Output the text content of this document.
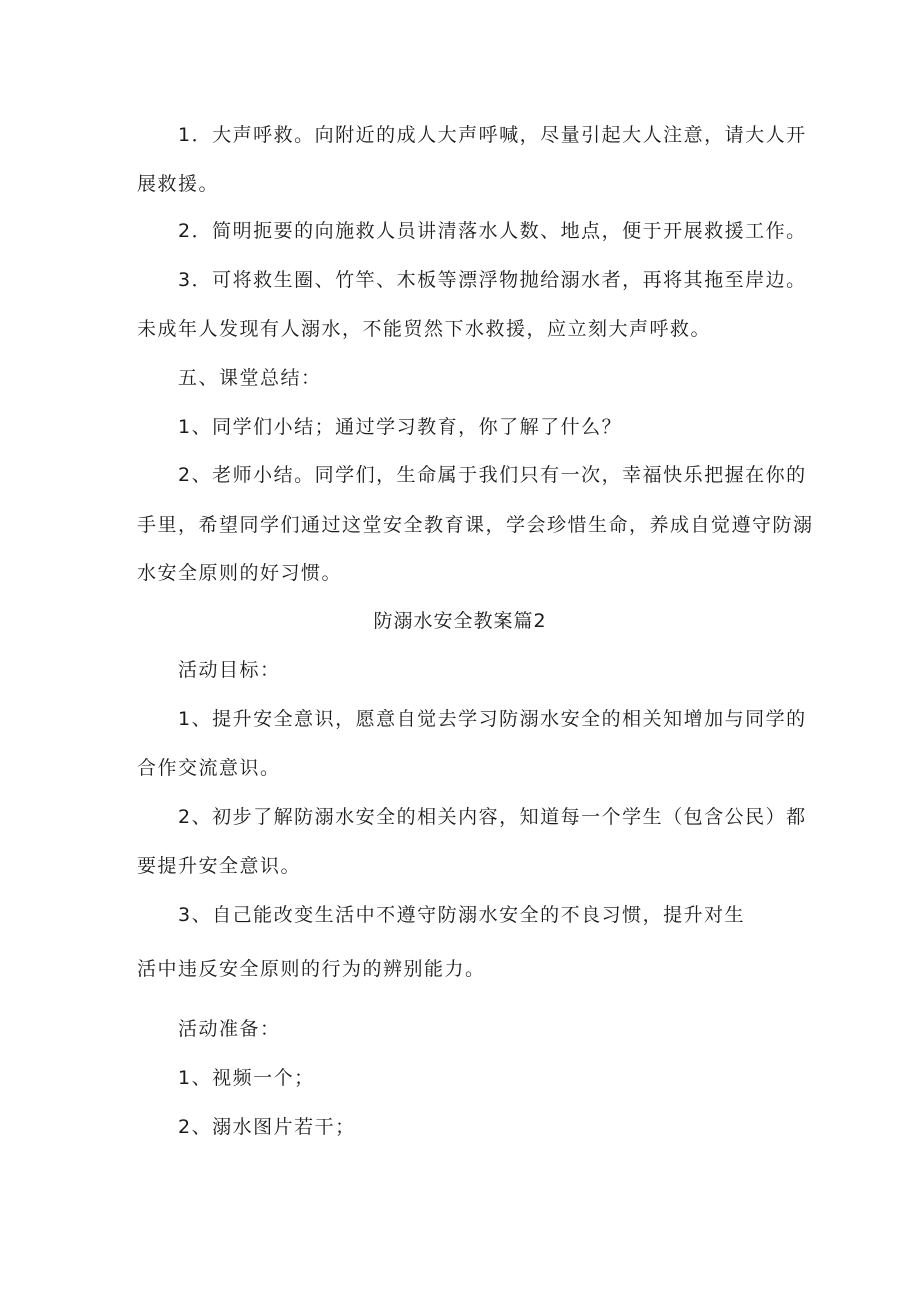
1．大声呼救。向附近的成人大声呼喊，尽量引起大人注意，请大人开
展救援。
2．简明扼要的向施救人员讲清落水人数、地点，便于开展救援工作。
3．可将救生圈、竹竿、木板等漂浮物抛给溺水者，再将其拖至岸边。
未成年人发现有人溺水，不能贸然下水救援，应立刻大声呼救。
五、课堂总结：
1、同学们小结；通过学习教育，你了解了什么？
2、老师小结。同学们，生命属于我们只有一次，幸福快乐把握在你的
手里，希望同学们通过这堂安全教育课，学会珍惜生命，养成自觉遵守防溺
水安全原则的好习惯。
防溺水安全教案篇2
活动目标：
1、提升安全意识，愿意自觉去学习防溺水安全的相关知增加与同学的
合作交流意识。
2、初步了解防溺水安全的相关内容，知道每一个学生（包含公民）都
要提升安全意识。
3、自己能改变生活中不遵守防溺水安全的不良习惯，提升对生
活中违反安全原则的行为的辨别能力。
活动准备：
1、视频一个；
2、溺水图片若干；
